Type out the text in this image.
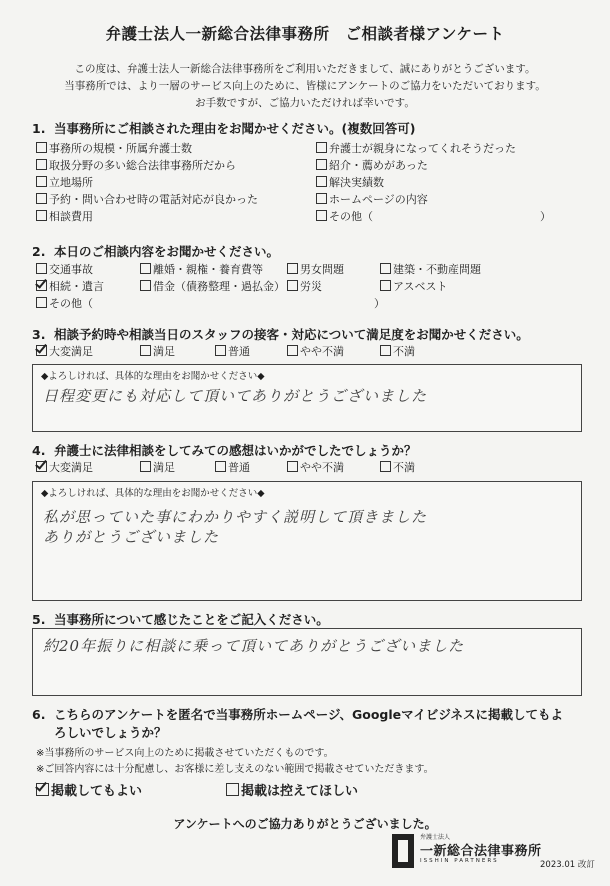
弁護士法人一新総合法律事務所　ご相談者様アンケート
この度は、弁護士法人一新総合法律事務所をご利用いただきまして、誠にありがとうございます。
当事務所では、より一層のサービス向上のために、皆様にアンケートのご協力をいただいております。
お手数ですが、ご協力いただければ幸いです。
1. 当事務所にご相談された理由をお聞かせください。(複数回答可)
事務所の規模・所属弁護士数	弁護士が親身になってくれそうだった
取扱分野の多い総合法律事務所だから	紹介・薦めがあった
立地場所	解決実績数
予約・問い合わせ時の電話対応が良かった	ホームページの内容
相談費用	その他（	）
2. 本日のご相談内容をお聞かせください。
交通事故	離婚・親権・養育費等	男女問題	建築・不動産問題
相続・遺言	借金（債務整理・過払金）	労災	アスベスト
その他（	）
3. 相談予約時や相談当日のスタッフの接客・対応について満足度をお聞かせください。
大変満足	満足	普通	やや不満	不満
◆よろしければ、具体的な理由をお聞かせください◆
日程変更にも対応して頂いてありがとうございました
4. 弁護士に法律相談をしてみての感想はいかがでしたでしょうか？
大変満足	満足	普通	やや不満	不満
◆よろしければ、具体的な理由をお聞かせください◆
私が思っていた事にわかりやすく説明して頂きました
ありがとうございました
5. 当事務所について感じたことをご記入ください。
約20年振りに相談に乗って頂いてありがとうございました
6. こちらのアンケートを匿名で当事務所ホームページ、Googleマイビジネスに掲載してもよ
ろしいでしょうか？
※当事務所のサービス向上のために掲載させていただくものです。
※ご回答内容には十分配慮し、お客様に差し支えのない範囲で掲載させていただきます。
掲載してもよい	掲載は控えてほしい
アンケートへのご協力ありがとうございました。
弁護士法人
一新総合法律事務所
ISSHIN PARTNERS	2023.01 改訂
